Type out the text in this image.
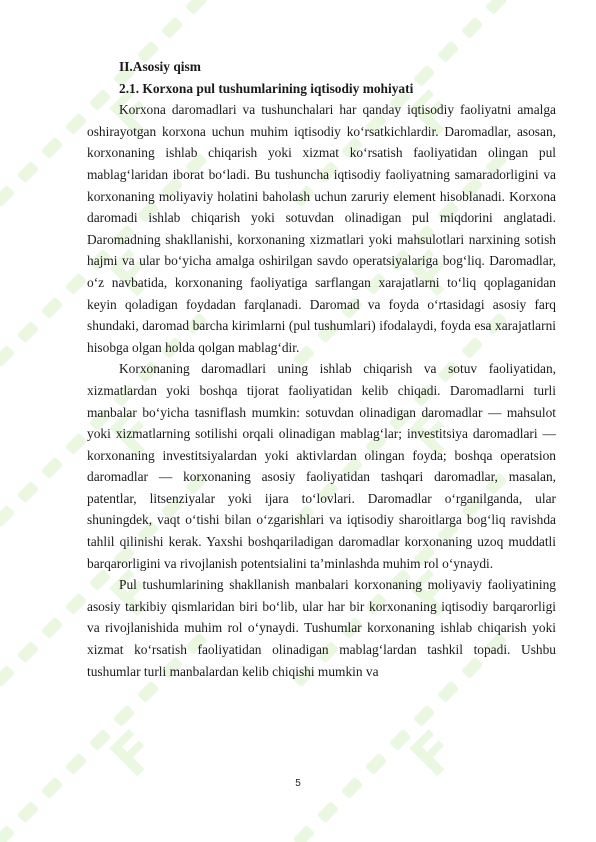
F	F
F	F
F	F
F	F
F	F

II.Asosiy qism

2.1. Korxona pul tushumlarining iqtisodiy mohiyati

Korxona daromadlari va tushunchalari har qanday iqtisodiy faoliyatni amalga oshirayotgan korxona uchun muhim iqtisodiy koʻrsatkichlardir. Daromadlar, asosan, korxonaning ishlab chiqarish yoki xizmat koʻrsatish faoliyatidan olingan pul mablagʻlaridan iborat boʻladi. Bu tushuncha iqtisodiy faoliyatning samaradorligini va korxonaning moliyaviy holatini baholash uchun zaruriy element hisoblanadi. Korxona daromadi ishlab chiqarish yoki sotuvdan olinadigan pul miqdorini anglatadi. Daromadning shakllanishi, korxonaning xizmatlari yoki mahsulotlari narxining sotish hajmi va ular boʻyicha amalga oshirilgan savdo operatsiyalariga bogʻliq. Daromadlar, oʻz navbatida, korxonaning faoliyatiga sarflangan xarajatlarni toʻliq qoplaganidan keyin qoladigan foydadan farqlanadi. Daromad va foyda oʻrtasidagi asosiy farq shundaki, daromad barcha kirimlarni (pul tushumlari) ifodalaydi, foyda esa xarajatlarni hisobga olgan holda qolgan mablagʻdir.

Korxonaning daromadlari uning ishlab chiqarish va sotuv faoliyatidan, xizmatlardan yoki boshqa tijorat faoliyatidan kelib chiqadi. Daromadlarni turli manbalar boʻyicha tasniflash mumkin: sotuvdan olinadigan daromadlar — mahsulot yoki xizmatlarning sotilishi orqali olinadigan mablagʻlar; investitsiya daromadlari — korxonaning investitsiyalardan yoki aktivlardan olingan foyda; boshqa operatsion daromadlar — korxonaning asosiy faoliyatidan tashqari daromadlar, masalan, patentlar, litsenziyalar yoki ijara toʻlovlari. Daromadlar oʻrganilganda, ular shuningdek, vaqt oʻtishi bilan oʻzgarishlari va iqtisodiy sharoitlarga bogʻliq ravishda tahlil qilinishi kerak. Yaxshi boshqariladigan daromadlar korxonaning uzoq muddatli barqarorligini va rivojlanish potentsialini taʼminlashda muhim rol oʻynaydi.

Pul tushumlarining shakllanish manbalari korxonaning moliyaviy faoliyatining asosiy tarkibiy qismlaridan biri boʻlib, ular har bir korxonaning iqtisodiy barqarorligi va rivojlanishida muhim rol oʻynaydi. Tushumlar korxonaning ishlab chiqarish yoki xizmat koʻrsatish faoliyatidan olinadigan mablagʻlardan tashkil topadi. Ushbu tushumlar turli manbalardan kelib chiqishi mumkin va

5
